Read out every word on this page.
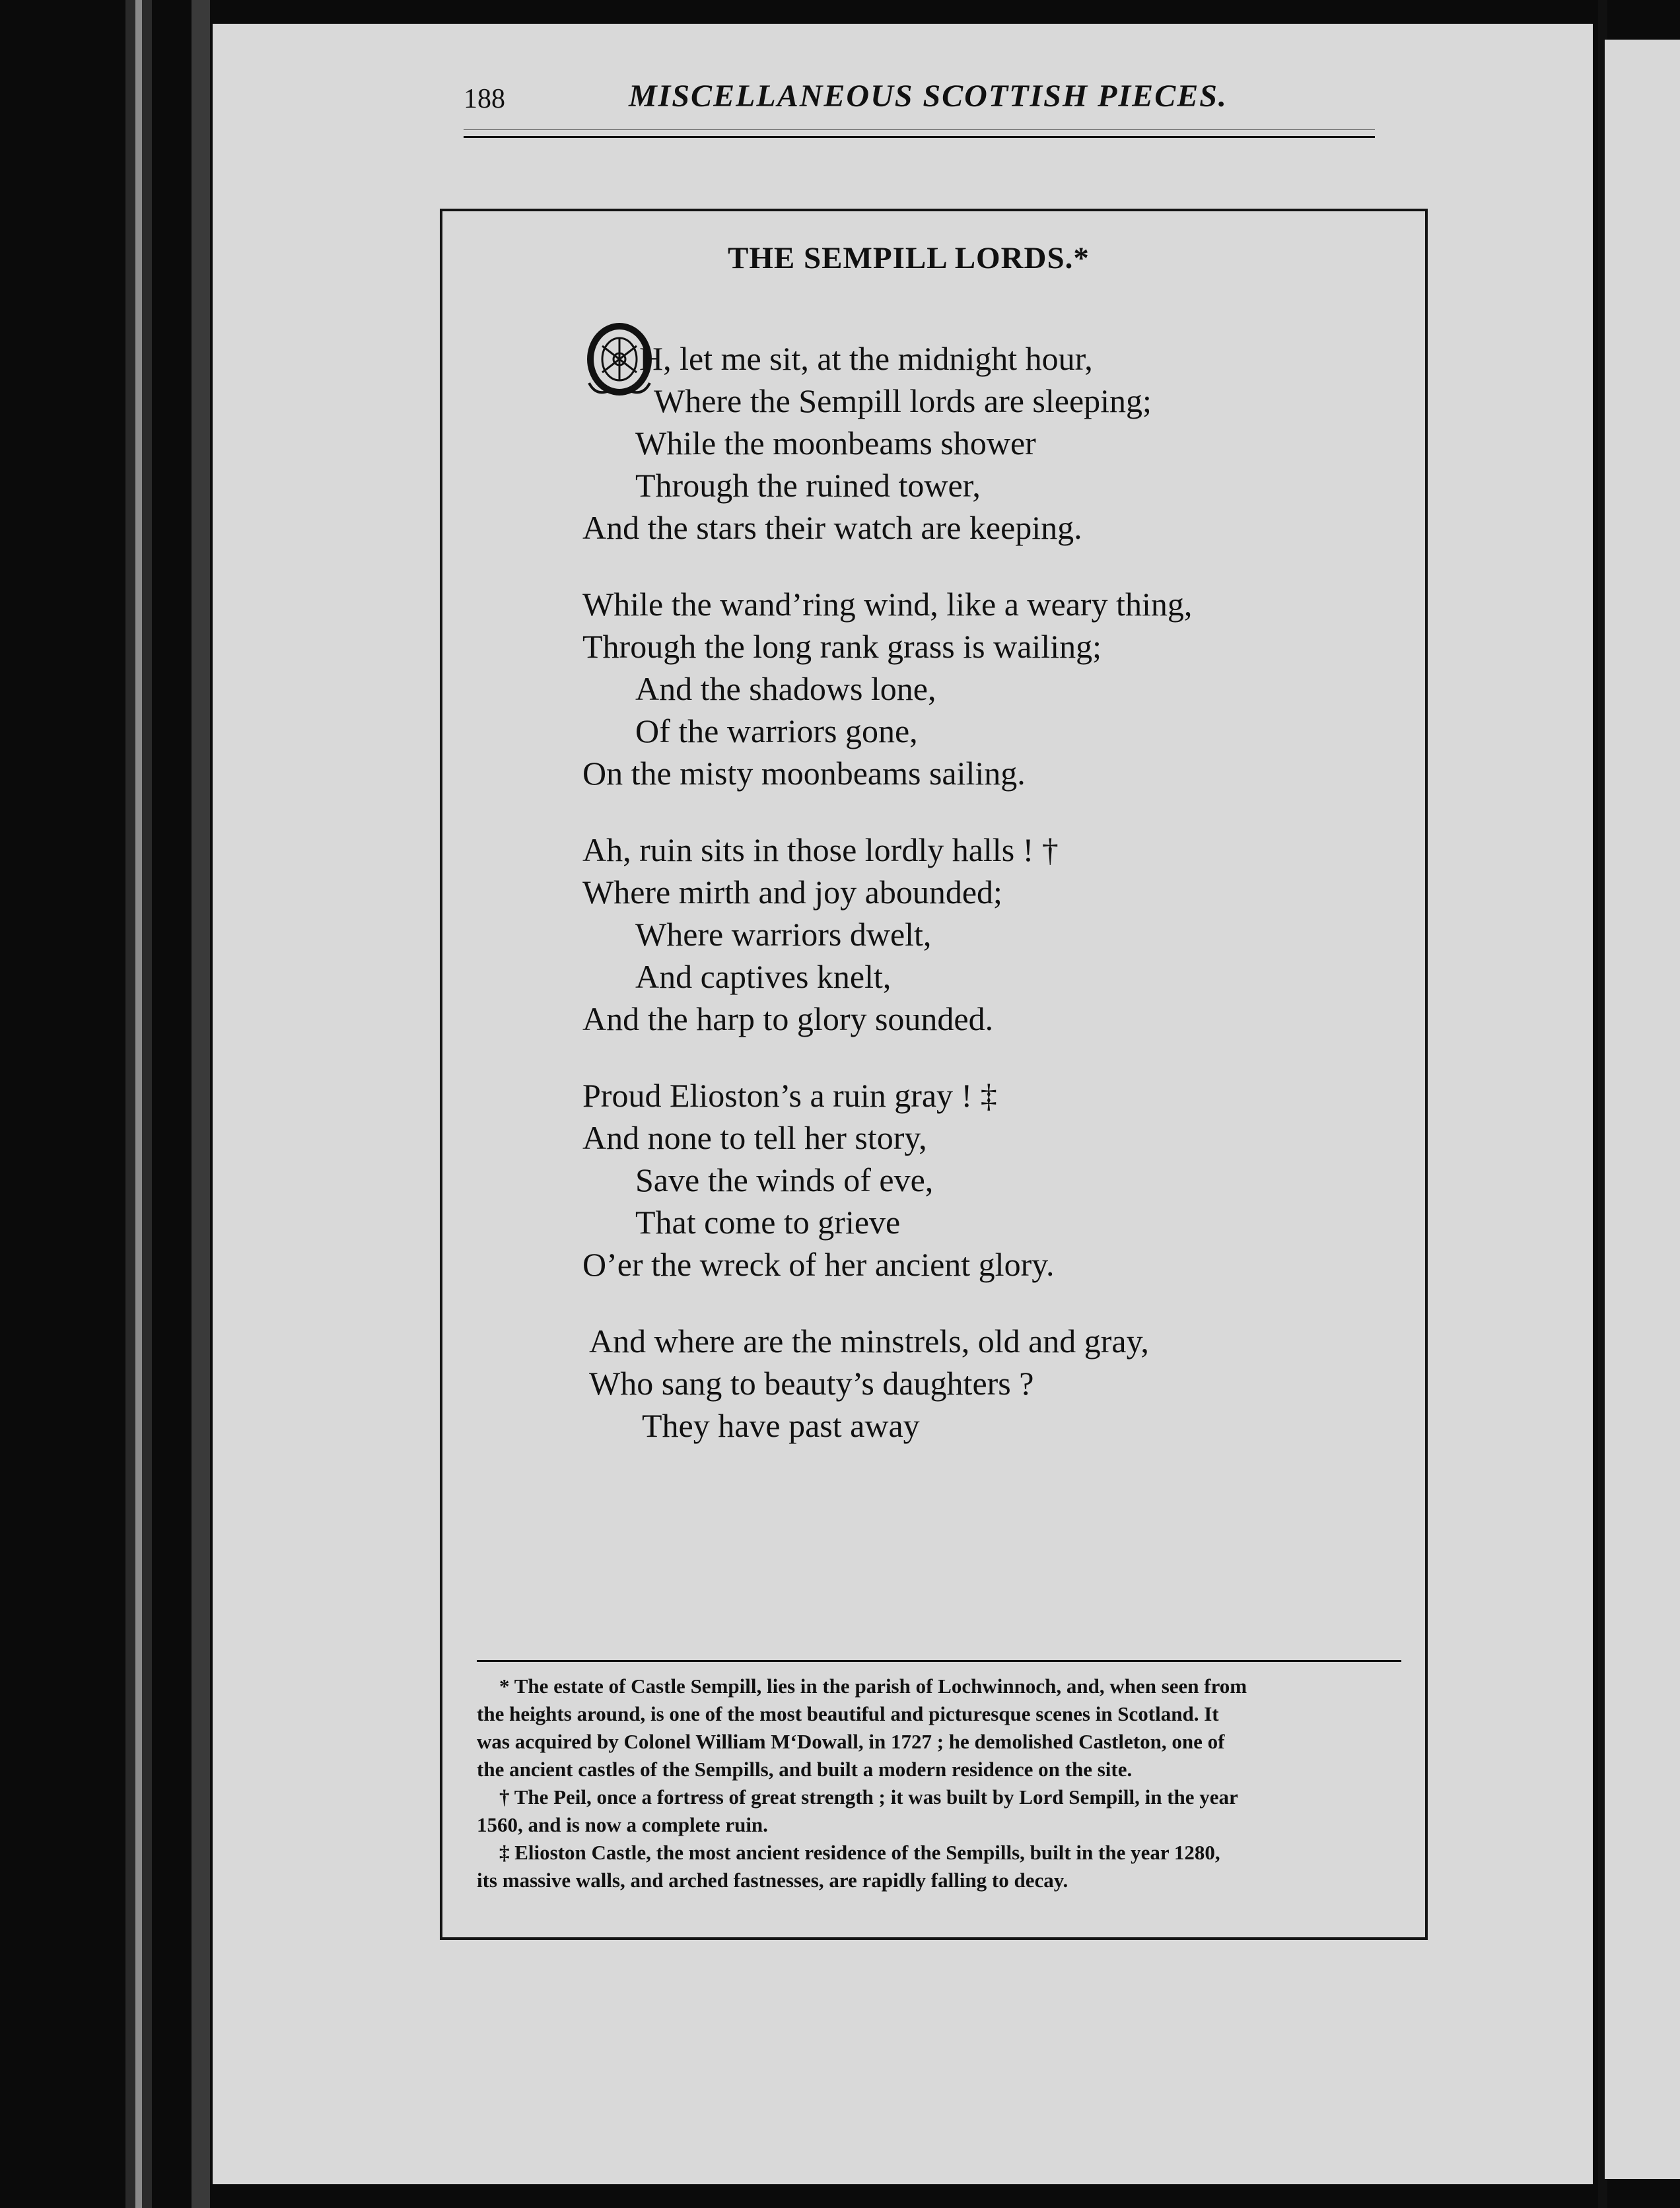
188	MISCELLANEOUS SCOTTISH PIECES.
THE SEMPILL LORDS.*
H, let me sit, at the midnight hour,
Where the Sempill lords are sleeping;
While the moonbeams shower
Through the ruined tower,
And the stars their watch are keeping.
While the wand’ring wind, like a weary thing,
Through the long rank grass is wailing;
And the shadows lone,
Of the warriors gone,
On the misty moonbeams sailing.
Ah, ruin sits in those lordly halls ! †
Where mirth and joy abounded;
Where warriors dwelt,
And captives knelt,
And the harp to glory sounded.
Proud Elioston’s a ruin gray ! ‡
And none to tell her story,
Save the winds of eve,
That come to grieve
O’er the wreck of her ancient glory.
And where are the minstrels, old and gray,
Who sang to beauty’s daughters ?
They have past away
* The estate of Castle Sempill, lies in the parish of Lochwinnoch, and, when seen from
the heights around, is one of the most beautiful and picturesque scenes in Scotland. It
was acquired by Colonel William M‘Dowall, in 1727 ; he demolished Castleton, one of
the ancient castles of the Sempills, and built a modern residence on the site.
† The Peil, once a fortress of great strength ; it was built by Lord Sempill, in the year
1560, and is now a complete ruin.
‡ Elioston Castle, the most ancient residence of the Sempills, built in the year 1280,
its massive walls, and arched fastnesses, are rapidly falling to decay.
